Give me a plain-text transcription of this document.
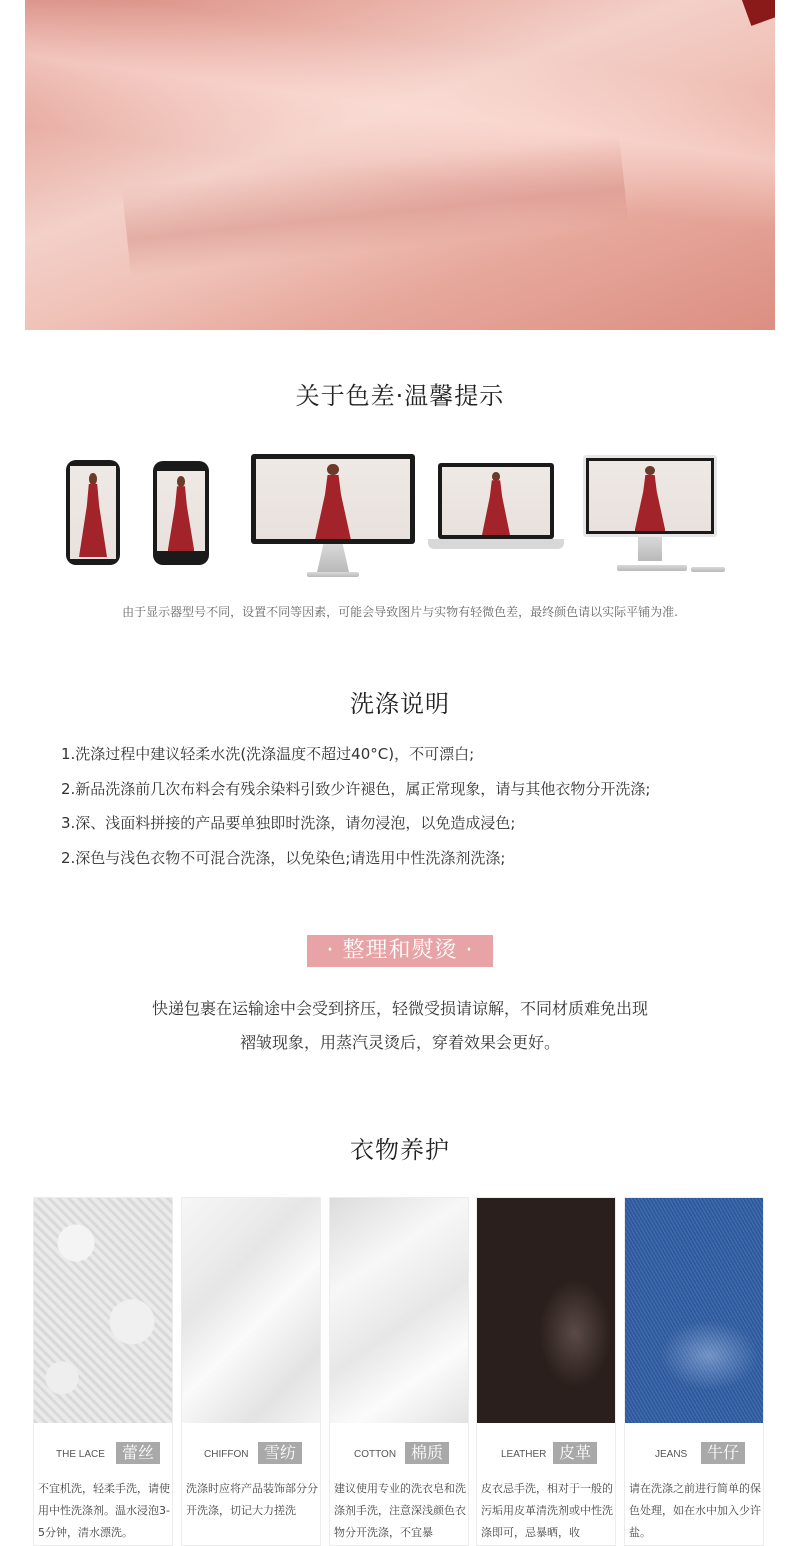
关于色差·温馨提示
由于显示器型号不同，设置不同等因素，可能会导致图片与实物有轻微色差，最终颜色请以实际平铺为准.
洗涤说明
1.洗涤过程中建议轻柔水洗(洗涤温度不超过40°C)，不可漂白;
2.新品洗涤前几次布料会有残余染料引致少许褪色，属正常现象，请与其他衣物分开洗涤;
3.深、浅面料拼接的产品要单独即时洗涤，请勿浸泡，以免造成浸色;
2.深色与浅色衣物不可混合洗涤，以免染色;请选用中性洗涤剂洗涤;
· 整理和熨烫 ·
快递包裹在运输途中会受到挤压，轻微受损请谅解，不同材质难免出现
褶皱现象，用蒸汽灵烫后，穿着效果会更好。
衣物养护
THE LACE	蕾丝
不宜机洗，轻柔手洗，请使用中性洗涤剂。温水浸泡3-5分钟，清水漂洗。
CHIFFON 雪纺
洗涤时应将产品装饰部分分开洗涤，切记大力搓洗
COTTON 棉质
建议使用专业的洗衣皂和洗涤剂手洗，注意深浅颜色衣物分开洗涤，不宜暴
LEATHER 皮革
皮衣忌手洗，相对于一般的污垢用皮革清洗剂或中性洗涤即可，忌暴晒，收
JEANS	牛仔
请在洗涤之前进行简单的保色处理，如在水中加入少许盐。
